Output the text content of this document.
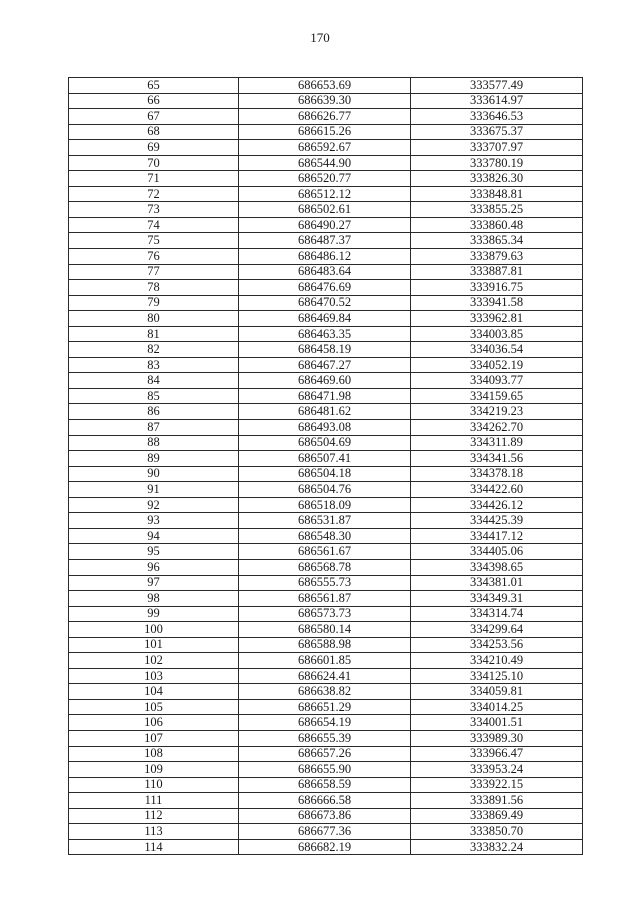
170
65	686653.69	333577.49
66	686639.30	333614.97
67	686626.77	333646.53
68	686615.26	333675.37
69	686592.67	333707.97
70	686544.90	333780.19
71	686520.77	333826.30
72	686512.12	333848.81
73	686502.61	333855.25
74	686490.27	333860.48
75	686487.37	333865.34
76	686486.12	333879.63
77	686483.64	333887.81
78	686476.69	333916.75
79	686470.52	333941.58
80	686469.84	333962.81
81	686463.35	334003.85
82	686458.19	334036.54
83	686467.27	334052.19
84	686469.60	334093.77
85	686471.98	334159.65
86	686481.62	334219.23
87	686493.08	334262.70
88	686504.69	334311.89
89	686507.41	334341.56
90	686504.18	334378.18
91	686504.76	334422.60
92	686518.09	334426.12
93	686531.87	334425.39
94	686548.30	334417.12
95	686561.67	334405.06
96	686568.78	334398.65
97	686555.73	334381.01
98	686561.87	334349.31
99	686573.73	334314.74
100	686580.14	334299.64
101	686588.98	334253.56
102	686601.85	334210.49
103	686624.41	334125.10
104	686638.82	334059.81
105	686651.29	334014.25
106	686654.19	334001.51
107	686655.39	333989.30
108	686657.26	333966.47
109	686655.90	333953.24
110	686658.59	333922.15
111	686666.58	333891.56
112	686673.86	333869.49
113	686677.36	333850.70
114	686682.19	333832.24
